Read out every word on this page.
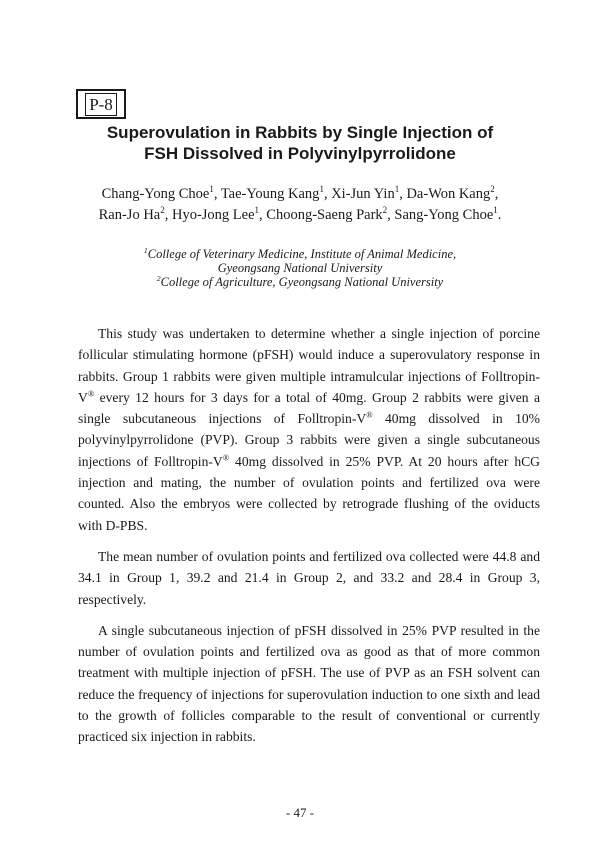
P-8
Superovulation in Rabbits by Single Injection of
FSH Dissolved in Polyvinylpyrrolidone
Chang-Yong Choe$^1$, Tae-Young Kang$^1$, Xi-Jun Yin$^1$, Da-Won Kang$^2$, Ran-Jo Ha$^2$, Hyo-Jong Lee$^1$, Choong-Saeng Park$^2$, Sang-Yong Choe$^1$.
$^1$College of Veterinary Medicine, Institute of Animal Medicine,
Gyeongsang National University
$^2$College of Agriculture, Gyeongsang National University

This study was undertaken to determine whether a single injection of porcine follicular stimulating hormone (pFSH) would induce a superovulatory response in rabbits. Group 1 rabbits were given multiple intramulcular injections of Folltropin-V® every 12 hours for 3 days for a total of 40mg. Group 2 rabbits were given a single subcutaneous injections of Folltropin-V® 40mg dissolved in 10% polyvinylpyrrolidone (PVP). Group 3 rabbits were given a single subcutaneous injections of Folltropin-V® 40mg dissolved in 25% PVP. At 20 hours after hCG injection and mating, the number of ovulation points and fertilized ova were counted. Also the embryos were collected by retrograde flushing of the oviducts with D-PBS.

The mean number of ovulation points and fertilized ova collected were 44.8 and 34.1 in Group 1, 39.2 and 21.4 in Group 2, and 33.2 and 28.4 in Group 3, respectively.

A single subcutaneous injection of pFSH dissolved in 25% PVP resulted in the number of ovulation points and fertilized ova as good as that of more common treatment with multiple injection of pFSH. The use of PVP as an FSH solvent can reduce the frequency of injections for superovulation induction to one sixth and lead to the growth of follicles comparable to the result of conventional or currently practiced six injection in rabbits.

- 47 -
